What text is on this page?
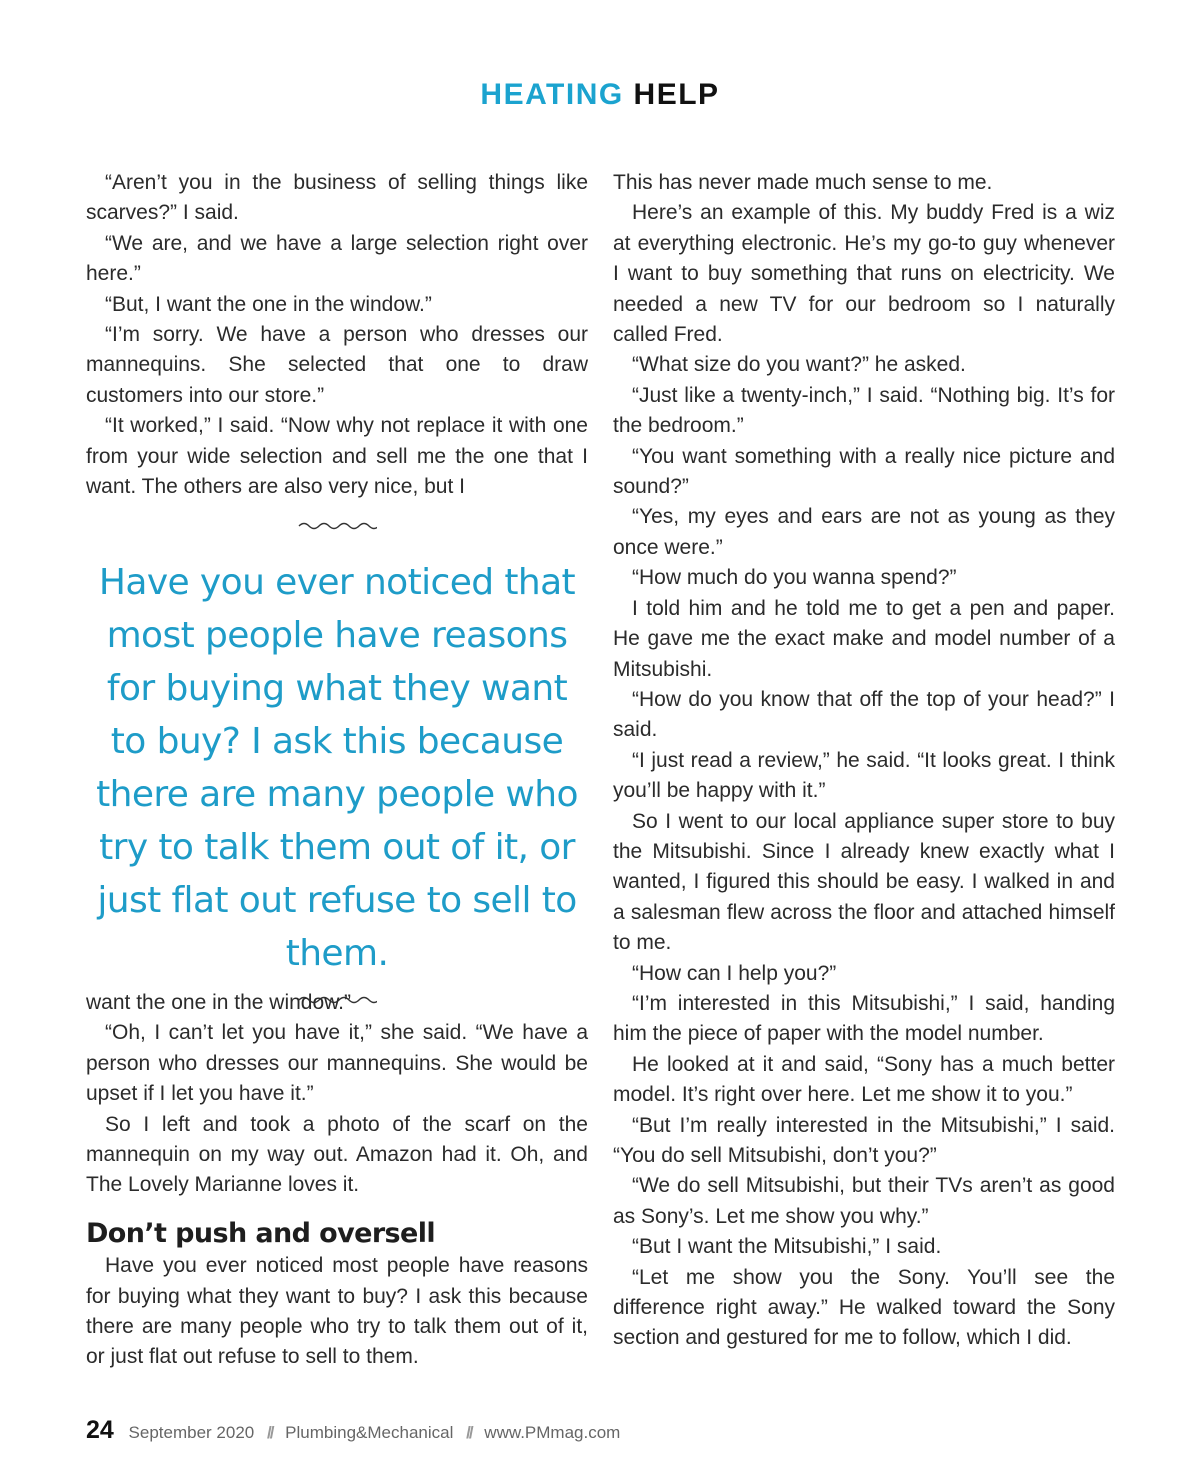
HEATING HELP

“Aren’t you in the business of selling things like scarves?” I said.

“We are, and we have a large selection right over here.”

“But, I want the one in the window.”

“I’m sorry. We have a person who dresses our mannequins. She selected that one to draw customers into our store.”

“It worked,” I said. “Now why not replace it with one from your wide selection and sell me the one that I want. The others are also very nice, but I

Have you ever noticed that most people have reasons for buying what they want to buy? I ask this because there are many people who try to talk them out of it, or just flat out refuse to sell to them.

want the one in the window.”

“Oh, I can’t let you have it,” she said. “We have a person who dresses our mannequins. She would be upset if I let you have it.”

So I left and took a photo of the scarf on the mannequin on my way out. Amazon had it. Oh, and The Lovely Marianne loves it.

Don’t push and oversell

Have you ever noticed most people have reasons for buying what they want to buy? I ask this because there are many people who try to talk them out of it, or just flat out refuse to sell to them.

This has never made much sense to me.

Here’s an example of this. My buddy Fred is a wiz at everything electronic. He’s my go-to guy whenever I want to buy something that runs on electricity. We needed a new TV for our bedroom so I naturally called Fred.

“What size do you want?” he asked.

“Just like a twenty-inch,” I said. “Nothing big. It’s for the bedroom.”

“You want something with a really nice picture and sound?”

“Yes, my eyes and ears are not as young as they once were.”

“How much do you wanna spend?”

I told him and he told me to get a pen and paper. He gave me the exact make and model number of a Mitsubishi.

“How do you know that off the top of your head?” I said.

“I just read a review,” he said. “It looks great. I think you’ll be happy with it.”

So I went to our local appliance super store to buy the Mitsubishi. Since I already knew exactly what I wanted, I figured this should be easy. I walked in and a salesman flew across the floor and attached himself to me.

“How can I help you?”

“I’m interested in this Mitsubishi,” I said, handing him the piece of paper with the model number.

He looked at it and said, “Sony has a much better model. It’s right over here. Let me show it to you.”

“But I’m really interested in the Mitsubishi,” I said. “You do sell Mitsubishi, don’t you?”

“We do sell Mitsubishi, but their TVs aren’t as good as Sony’s. Let me show you why.”

“But I want the Mitsubishi,” I said.

“Let me show you the Sony. You’ll see the difference right away.” He walked toward the Sony section and gestured for me to follow, which I did.

24 September 2020 // Plumbing&Mechanical // www.PMmag.com
